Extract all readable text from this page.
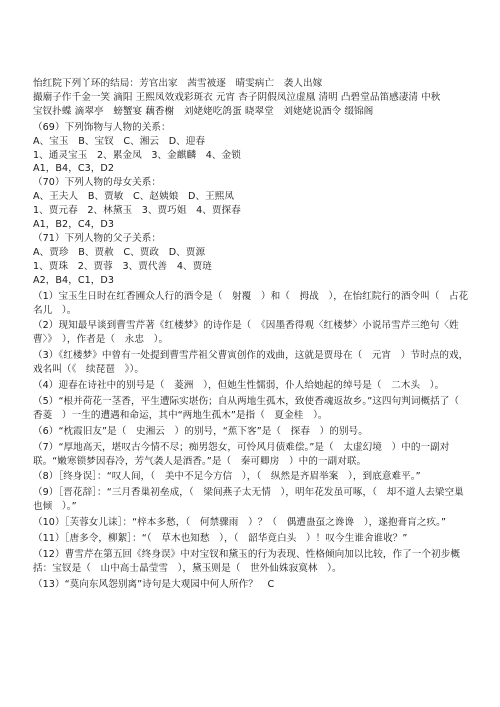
怡红院下列丫环的结局：芳官出家　茜雪被逐　晴雯病亡　袭人出嫁
撮廟子作千金一笑 滴阳 王熙凤效戏彩斑衣 元宵 杏子阴假凤泣虚凰 清明 凸碧堂品笛感凄清 中秋
宝钗扑蝶 滴翠亭　螃蟹宴 藕香榭　刘姥姥吃鸽蛋 晓翠堂　刘姥姥说酒令 缀锦阁
（69）下列饰物与人物的关系：
A、宝玉　B、宝钗　C、湘云　D、迎春
1、通灵宝玉　2、累金凤　3、金麒麟　4、金锁
A1，B4，C3，D2
（70）下列人物的母女关系：
A、王夫人　B、贾敏　C、赵姨娘　D、王熙凤
1、贾元春　2、林黛玉　3、贾巧姐　4、贾探春
A1，B2，C4，D3
（71）下列人物的父子关系：
A、贾珍　B、贾赦　C、贾政　D、贾源
1、贾珠　2、贾蓉　3、贾代善　4、贾琏
A2，B4，C1，D3
（1）宝玉生日时在红香圃众人行的酒令是（　射覆　）和（　拇战　），在怡红院行的酒令叫（　占花名儿　）。
（2）现知最早谈到曹雪芹著《红楼梦》的诗作是（　《因墨香得观〈红楼梦〉小说吊雪芹三绝句〈姓曹〉》　），作者是（　永忠　）。
（3）《红楼梦》中曾有一处提到曹雪芹祖父曹寅创作的戏曲，这就是贾母在（　元宵　）节时点的戏，戏名叫（《　续琵琶　》）。
（4）迎春在诗社中的别号是（　菱洲　），但她生性懦弱，仆人给她起的绰号是（　二木头　）。
（5）“根并荷花一茎香，平生遭际实堪伤；自从两地生孤木，致使香魂返故乡。”这四句判词概括了（　香菱　）一生的遭遇和命运，其中“两地生孤木”是指（　夏金桂　）。
（6）“枕霞旧友”是（　史湘云　）的别号，“蕉下客”是（　探春　）的别号。
（7）“厚地高天，堪叹古今情不尽；痴男怨女，可怜风月债难偿。”是（　太虚幻境　）中的一副对联。“嫩寒锁梦因春冷，芳气袭人是酒香。”是（　秦可卿房　）中的一副对联。
（8）［终身误］：“叹人间，（　美中不足今方信　），（　纵然是齐眉举案　），到底意难平。”
（9）［晋花辞］：“三月香巢初垒成，（　梁间燕子太无情　），明年花发虽可啄，（　却不道人去梁空巢也倾　）。”
（10）［芙蓉女儿诔］：“梓本多愁，（　何禁骤雨　）？（　偶遭蛊虿之谗谗　），遂抱膏肓之疚。”
（11）［唐多令，柳絮］：“（　草木也知愁　），（　韶华竟白头　）！叹今生谁舍谁收？”
（12）曹雪芹在第五回《终身误》中对宝钗和黛玉的行为表现、性格倾向加以比较，作了一个初步概括：宝钗是（　山中高士晶莹雪　），黛玉则是（　世外仙姝寂寞林　）。
（13）“莫向东风怨别离”诗句是大观园中何人所作？　C
